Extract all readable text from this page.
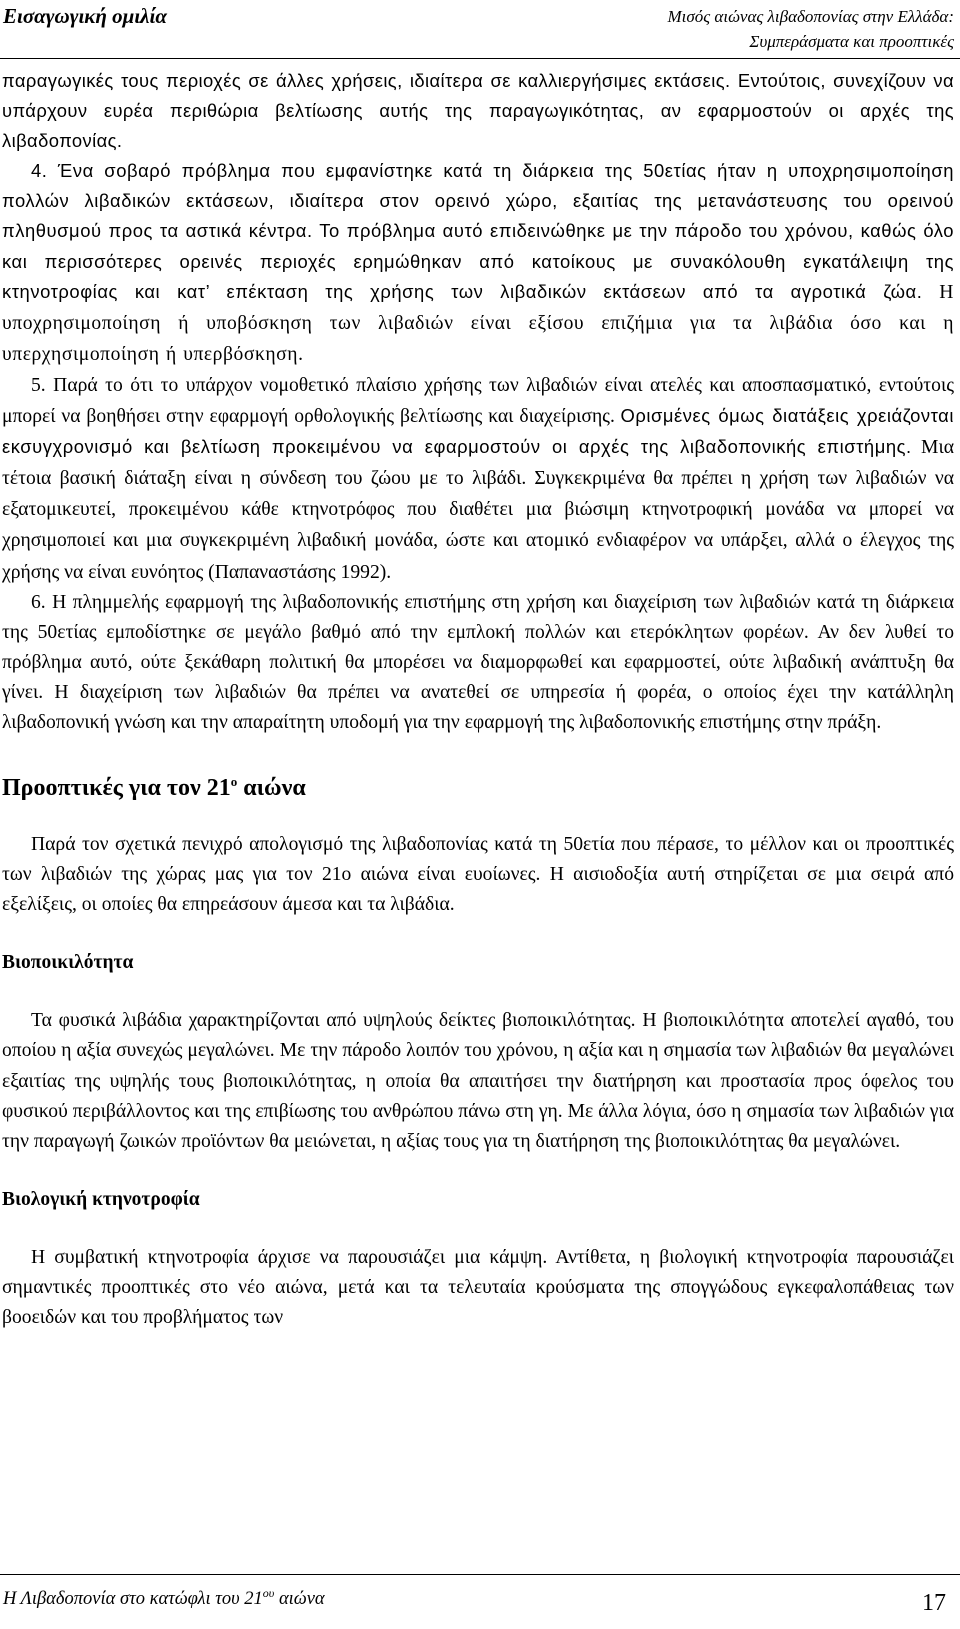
Εισαγωγική ομιλία	Μισός αιώνας λιβαδοπονίας στην Ελλάδα:
Συμπεράσματα και προοπτικές

παραγωγικές τους περιοχές σε άλλες χρήσεις, ιδιαίτερα σε καλλιεργήσιμες εκτάσεις. Εντούτοις, συνεχίζουν να υπάρχουν ευρέα περιθώρια βελτίωσης αυτής της παραγωγικότητας, αν εφαρμοστούν οι αρχές της λιβαδοπονίας.

4. Ένα σοβαρό πρόβλημα που εμφανίστηκε κατά τη διάρκεια της 50ετίας ήταν η υποχρησιμοποίηση πολλών λιβαδικών εκτάσεων, ιδιαίτερα στον ορεινό χώρο, εξαιτίας της μετανάστευσης του ορεινού πληθυσμού προς τα αστικά κέντρα. Το πρόβλημα αυτό επιδεινώθηκε με την πάροδο του χρόνου, καθώς όλο και περισσότερες ορεινές περιοχές ερημώθηκαν από κατοίκους με συνακόλουθη εγκατάλειψη της κτηνοτροφίας και κατ’ επέκταση της χρήσης των λιβαδικών εκτάσεων από τα αγροτικά ζώα. Η υποχρησιμοποίηση ή υποβόσκηση των λιβαδιών είναι εξίσου επιζήμια για τα λιβάδια όσο και η υπερχησιμοποίηση ή υπερβόσκηση.

5. Παρά το ότι το υπάρχον νομοθετικό πλαίσιο χρήσης των λιβαδιών είναι ατελές και αποσπασματικό, εντούτοις μπορεί να βοηθήσει στην εφαρμογή ορθολογικής βελτίωσης και διαχείρισης. Ορισμένες όμως διατάξεις χρειάζονται εκσυγχρονισμό και βελτίωση προκειμένου να εφαρμοστούν οι αρχές της λιβαδοπονικής επιστήμης. Μια τέτοια βασική διάταξη είναι η σύνδεση του ζώου με το λιβάδι. Συγκεκριμένα θα πρέπει η χρήση των λιβαδιών να εξατομικευτεί, προκειμένου κάθε κτηνοτρόφος που διαθέτει μια βιώσιμη κτηνοτροφική μονάδα να μπορεί να χρησιμοποιεί και μια συγκεκριμένη λιβαδική μονάδα, ώστε και ατομικό ενδιαφέρον να υπάρξει, αλλά ο έλεγχος της χρήσης να είναι ευνόητος (Παπαναστάσης 1992).

6. Η πλημμελής εφαρμογή της λιβαδοπονικής επιστήμης στη χρήση και διαχείριση των λιβαδιών κατά τη διάρκεια της 50ετίας εμποδίστηκε σε μεγάλο βαθμό από την εμπλοκή πολλών και ετερόκλητων φορέων. Αν δεν λυθεί το πρόβλημα αυτό, ούτε ξεκάθαρη πολιτική θα μπορέσει να διαμορφωθεί και εφαρμοστεί, ούτε λιβαδική ανάπτυξη θα γίνει. Η διαχείριση των λιβαδιών θα πρέπει να ανατεθεί σε υπηρεσία ή φορέα, ο οποίος έχει την κατάλληλη λιβαδοπονική γνώση και την απαραίτητη υποδομή για την εφαρμογή της λιβαδοπονικής επιστήμης στην πράξη.

Προοπτικές για τον $21^o$ αιώνα

Παρά τον σχετικά πενιχρό απολογισμό της λιβαδοπονίας κατά τη 50ετία που πέρασε, το μέλλον και οι προοπτικές των λιβαδιών της χώρας μας για τον 21ο αιώνα είναι ευοίωνες. Η αισιοδοξία αυτή στηρίζεται σε μια σειρά από εξελίξεις, οι οποίες θα επηρεάσουν άμεσα και τα λιβάδια.

Βιοποικιλότητα

Τα φυσικά λιβάδια χαρακτηρίζονται από υψηλούς δείκτες βιοποικιλότητας. Η βιοποικιλότητα αποτελεί αγαθό, του οποίου η αξία συνεχώς μεγαλώνει. Με την πάροδο λοιπόν του χρόνου, η αξία και η σημασία των λιβαδιών θα μεγαλώνει εξαιτίας της υψηλής τους βιοποικιλότητας, η οποία θα απαιτήσει την διατήρηση και προστασία προς όφελος του φυσικού περιβάλλοντος και της επιβίωσης του ανθρώπου πάνω στη γη. Με άλλα λόγια, όσο η σημασία των λιβαδιών για την παραγωγή ζωικών προϊόντων θα μειώνεται, η αξίας τους για τη διατήρηση της βιοποικιλότητας θα μεγαλώνει.

Βιολογική κτηνοτροφία

Η συμβατική κτηνοτροφία άρχισε να παρουσιάζει μια κάμψη. Αντίθετα, η βιολογική κτηνοτροφία παρουσιάζει σημαντικές προοπτικές στο νέο αιώνα, μετά και τα τελευταία κρούσματα της σπογγώδους εγκεφαλοπάθειας των βοοειδών και του προβλήματος των

Η Λιβαδοπονία στο κατώφλι του $21^{o\upsilon}$ αιώνα	17
